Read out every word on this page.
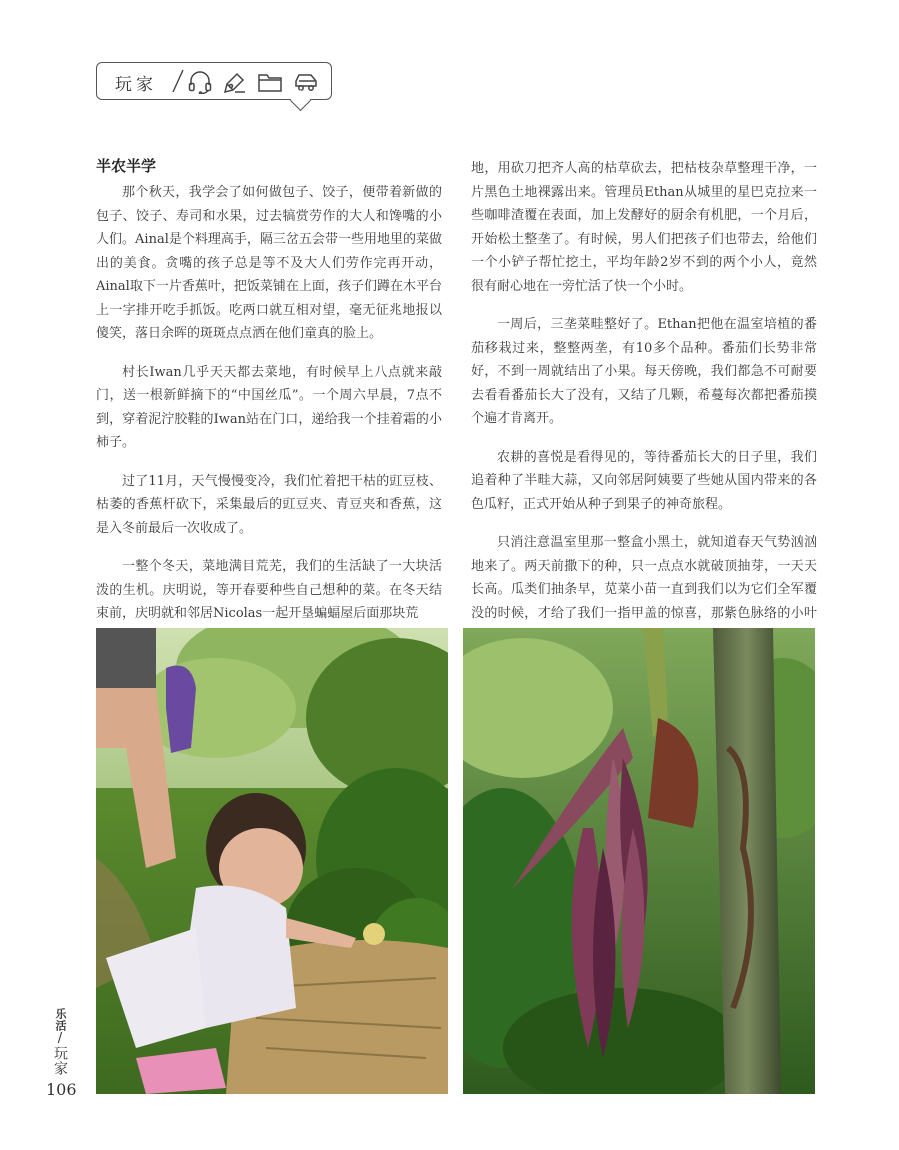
玩家
半农半学

那个秋天，我学会了如何做包子、饺子，便带着新做的包子、饺子、寿司和水果，过去犒赏劳作的大人和馋嘴的小人们。Ainal是个料理高手，隔三岔五会带一些用地里的菜做出的美食。贪嘴的孩子总是等不及大人们劳作完再开动，Ainal取下一片香蕉叶，把饭菜铺在上面，孩子们蹲在木平台上一字排开吃手抓饭。吃两口就互相对望，毫无征兆地报以傻笑，落日余晖的斑斑点点洒在他们童真的脸上。

村长Iwan几乎天天都去菜地，有时候早上八点就来敲门，送一根新鲜摘下的“中国丝瓜”。一个周六早晨，7点不到，穿着泥泞胶鞋的Iwan站在门口，递给我一个挂着霜的小柿子。

过了11月，天气慢慢变冷，我们忙着把干枯的豇豆枝、枯萎的香蕉杆砍下，采集最后的豇豆夹、青豆夹和香蕉，这是入冬前最后一次收成了。

一整个冬天，菜地满目荒芜，我们的生活缺了一大块活泼的生机。庆明说，等开春要种些自己想种的菜。在冬天结束前，庆明就和邻居Nicolas一起开垦蝙蝠屋后面那块荒

地，用砍刀把齐人高的枯草砍去，把枯枝杂草整理干净，一片黑色土地裸露出来。管理员Ethan从城里的星巴克拉来一些咖啡渣覆在表面，加上发酵好的厨余有机肥，一个月后，开始松土整垄了。有时候，男人们把孩子们也带去，给他们一个小铲子帮忙挖土，平均年龄2岁不到的两个小人，竟然很有耐心地在一旁忙活了快一个小时。

一周后，三垄菜畦整好了。Ethan把他在温室培植的番茄移栽过来，整整两垄，有10多个品种。番茄们长势非常好，不到一周就结出了小果。每天傍晚，我们都急不可耐要去看看番茄长大了没有，又结了几颗，希蔓每次都把番茄摸个遍才肯离开。

农耕的喜悦是看得见的，等待番茄长大的日子里，我们追着种了半畦大蒜，又向邻居阿姨要了些她从国内带来的各色瓜籽，正式开始从种子到果子的神奇旅程。

只消注意温室里那一整盒小黑土，就知道春天气势汹汹地来了。两天前撒下的种，只一点点水就破顶抽芽，一天天长高。瓜类们抽条早，苋菜小苗一直到我们以为它们全军覆没的时候，才给了我们一指甲盖的惊喜，那紫色脉络的小叶

乐活
/
玩家
106
